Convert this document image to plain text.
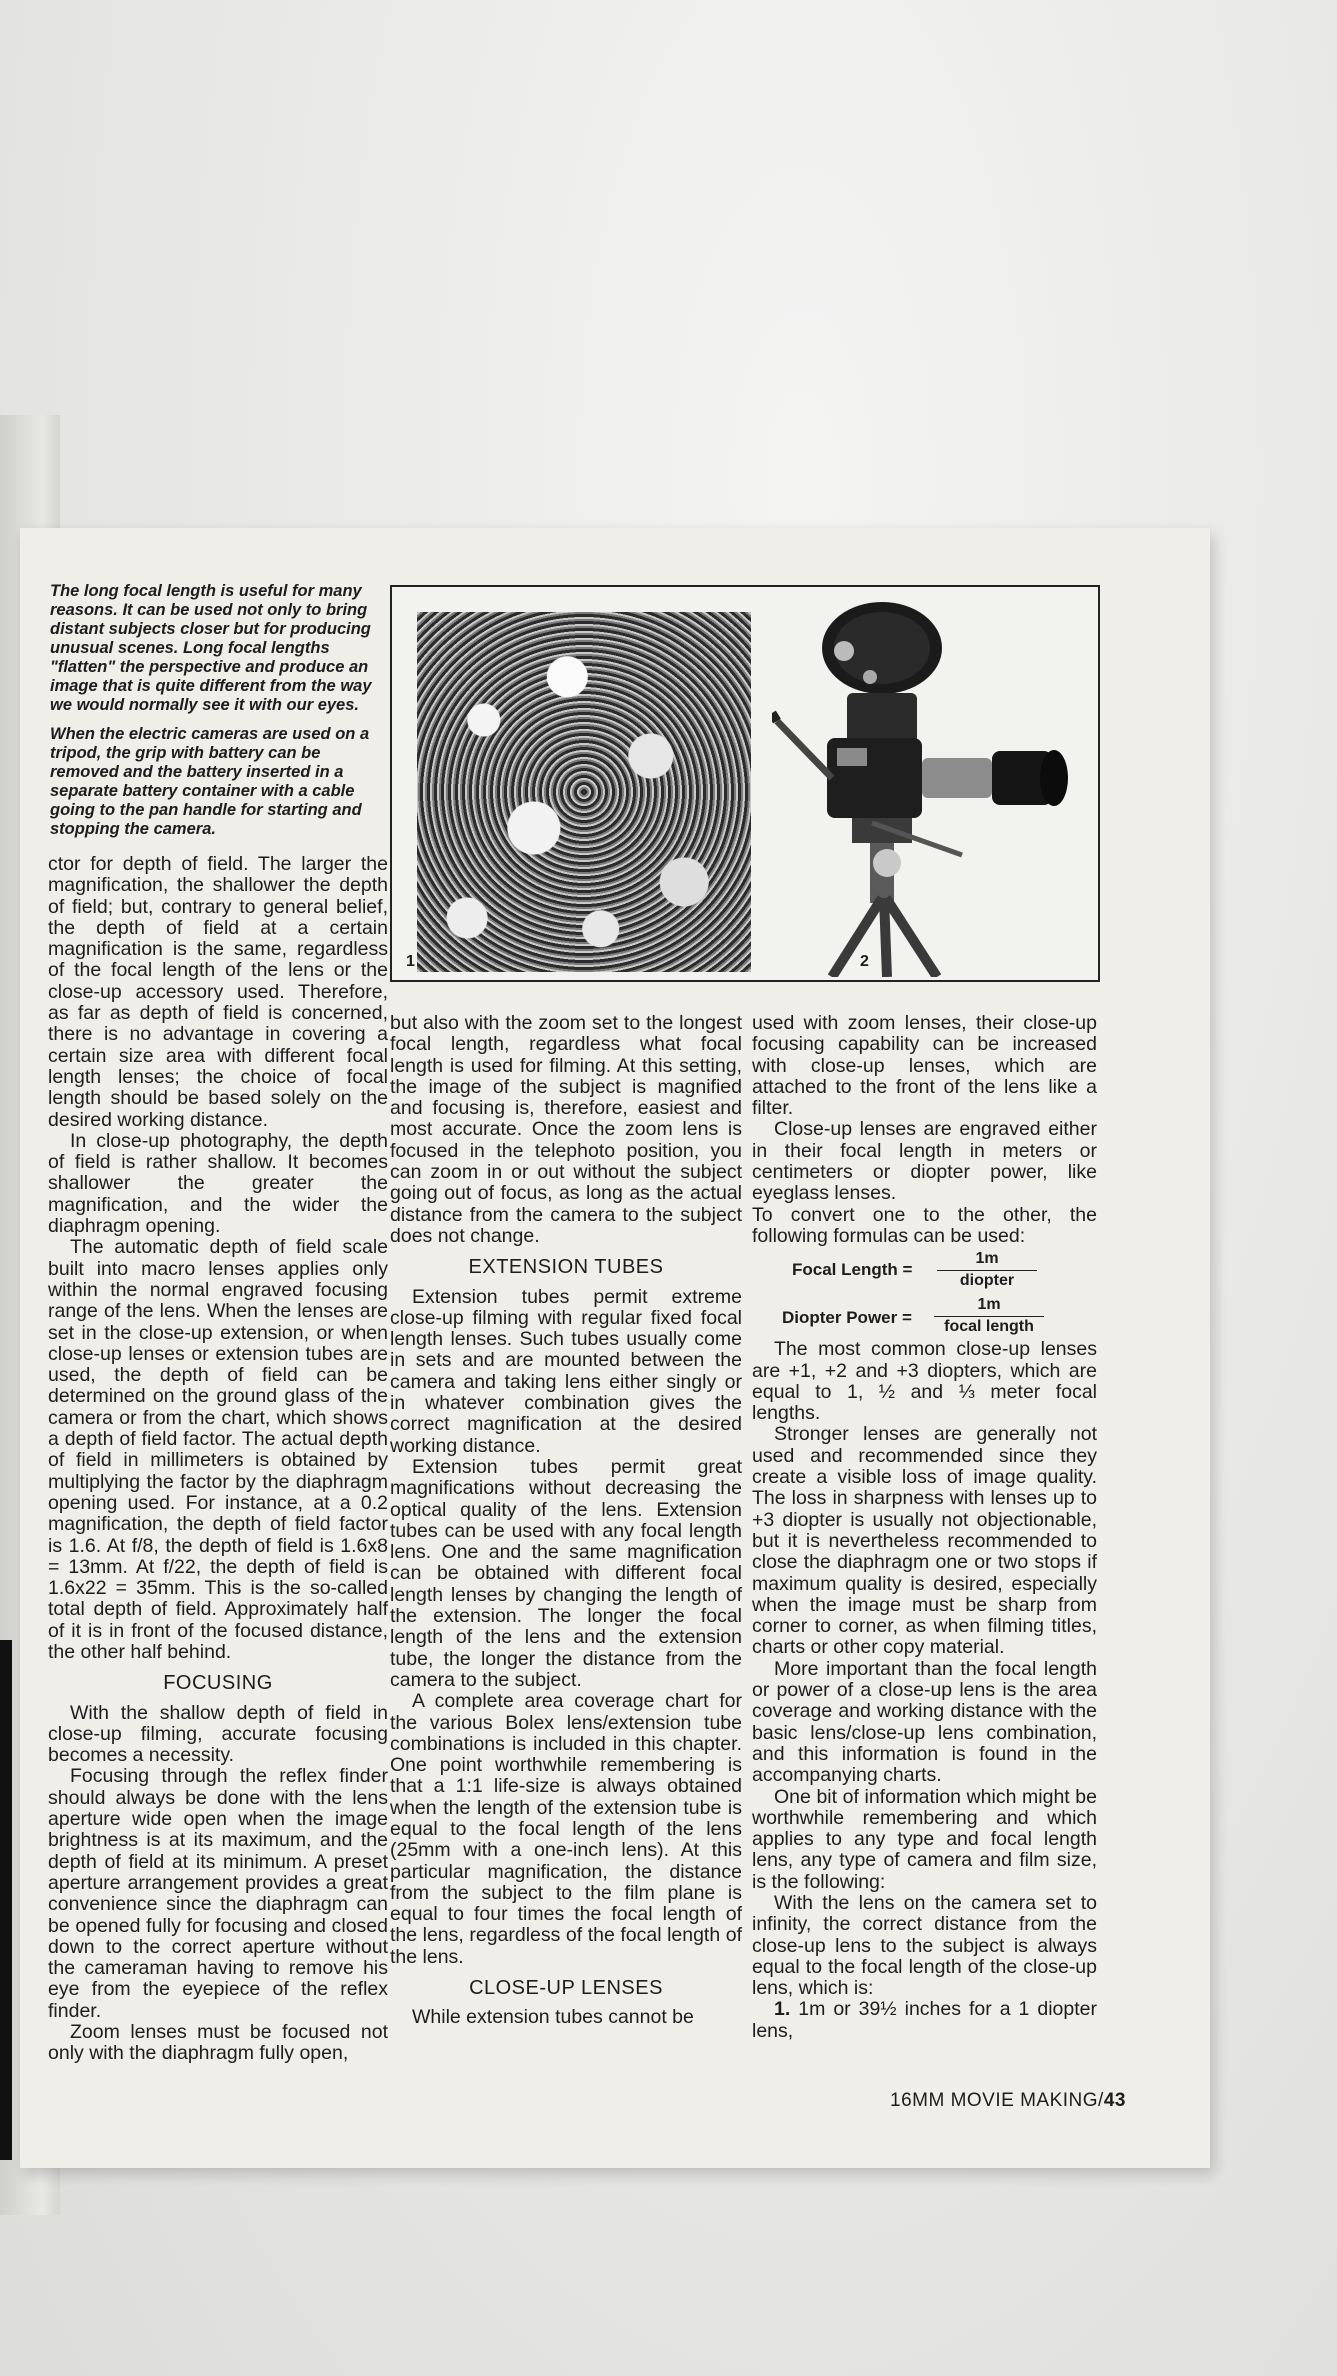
The long focal length is useful for many reasons. It can be used not only to bring distant subjects closer but for producing unusual scenes. Long focal lengths "flatten" the perspective and produce an image that is quite different from the way we would normally see it with our eyes.

When the electric cameras are used on a tripod, the grip with battery can be removed and the battery inserted in a separate battery container with a cable going to the pan handle for starting and stopping the camera.

1	2

ctor for depth of field. The larger the magnification, the shallower the depth of field; but, contrary to general belief, the depth of field at a certain magnification is the same, regardless of the focal length of the lens or the close-up accessory used. Therefore, as far as depth of field is concerned, there is no advantage in covering a certain size area with different focal length lenses; the choice of focal length should be based solely on the desired working distance.

In close-up photography, the depth of field is rather shallow. It becomes shallower the greater the magnification, and the wider the diaphragm opening.

The automatic depth of field scale built into macro lenses applies only within the normal engraved focusing range of the lens. When the lenses are set in the close-up extension, or when close-up lenses or extension tubes are used, the depth of field can be determined on the ground glass of the camera or from the chart, which shows a depth of field factor. The actual depth of field in millimeters is obtained by multiplying the factor by the diaphragm opening used. For instance, at a 0.2 magnification, the depth of field factor is 1.6. At f/8, the depth of field is 1.6x8 = 13mm. At f/22, the depth of field is 1.6x22 = 35mm. This is the so-called total depth of field. Approximately half of it is in front of the focused distance, the other half behind.

FOCUSING

With the shallow depth of field in close-up filming, accurate focusing becomes a necessity.

Focusing through the reflex finder should always be done with the lens aperture wide open when the image brightness is at its maximum, and the depth of field at its minimum. A preset aperture arrangement provides a great convenience since the diaphragm can be opened fully for focusing and closed down to the correct aperture without the cameraman having to remove his eye from the eyepiece of the reflex finder.

Zoom lenses must be focused not only with the diaphragm fully open,

but also with the zoom set to the longest focal length, regardless what focal length is used for filming. At this setting, the image of the subject is magnified and focusing is, therefore, easiest and most accurate. Once the zoom lens is focused in the telephoto position, you can zoom in or out without the subject going out of focus, as long as the actual distance from the camera to the subject does not change.

EXTENSION TUBES

Extension tubes permit extreme close-up filming with regular fixed focal length lenses. Such tubes usually come in sets and are mounted between the camera and taking lens either singly or in whatever combination gives the correct magnification at the desired working distance.

Extension tubes permit great magnifications without decreasing the optical quality of the lens. Extension tubes can be used with any focal length lens. One and the same magnification can be obtained with different focal length lenses by changing the length of the extension. The longer the focal length of the lens and the extension tube, the longer the distance from the camera to the subject.

A complete area coverage chart for the various Bolex lens/extension tube combinations is included in this chapter. One point worthwhile remembering is that a 1:1 life-size is always obtained when the length of the extension tube is equal to the focal length of the lens (25mm with a one-inch lens). At this particular magnification, the distance from the subject to the film plane is equal to four times the focal length of the lens, regardless of the focal length of the lens.

CLOSE-UP LENSES

While extension tubes cannot be

used with zoom lenses, their close-up focusing capability can be increased with close-up lenses, which are attached to the front of the lens like a filter.

Close-up lenses are engraved either in their focal length in meters or centimeters or diopter power, like eyeglass lenses.

To convert one to the other, the following formulas can be used:

Focal Length =
1m
diopter
Diopter Power =
1m
focal length

The most common close-up lenses are +1, +2 and +3 diopters, which are equal to 1, ½ and ⅓ meter focal lengths.

Stronger lenses are generally not used and recommended since they create a visible loss of image quality. The loss in sharpness with lenses up to +3 diopter is usually not objectionable, but it is nevertheless recommended to close the diaphragm one or two stops if maximum quality is desired, especially when the image must be sharp from corner to corner, as when filming titles, charts or other copy material.

More important than the focal length or power of a close-up lens is the area coverage and working distance with the basic lens/close-up lens combination, and this information is found in the accompanying charts.

One bit of information which might be worthwhile remembering and which applies to any type and focal length lens, any type of camera and film size, is the following:

With the lens on the camera set to infinity, the correct distance from the close-up lens to the subject is always equal to the focal length of the close-up lens, which is:

1. 1m or 39½ inches for a 1 diopter lens,

16MM MOVIE MAKING/43
